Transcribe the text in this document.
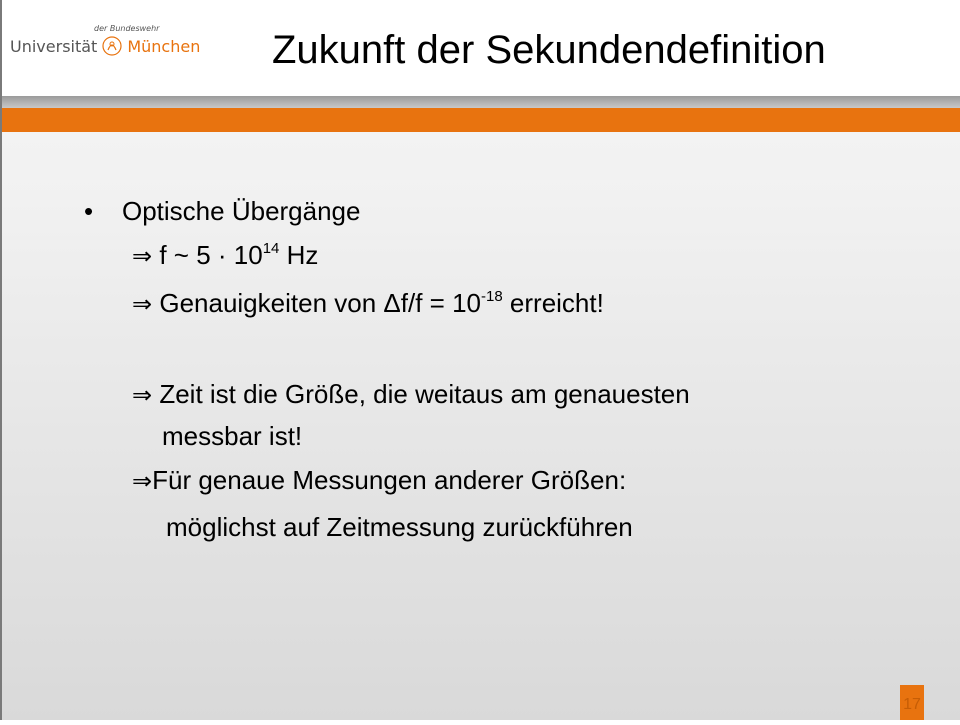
der Bundeswehr
Universität München Zukunft der Sekundendefinition
• Optische Übergänge
⇒ f ~ $5 \cdot 10^{14}$ Hz
⇒ Genauigkeiten von $\Delta f/f = 10^{-18}$ erreicht!
⇒ Zeit ist die Größe, die weitaus am genauesten
messbar ist!
⇒Für genaue Messungen anderer Größen:
möglichst auf Zeitmessung zurückführen
17
